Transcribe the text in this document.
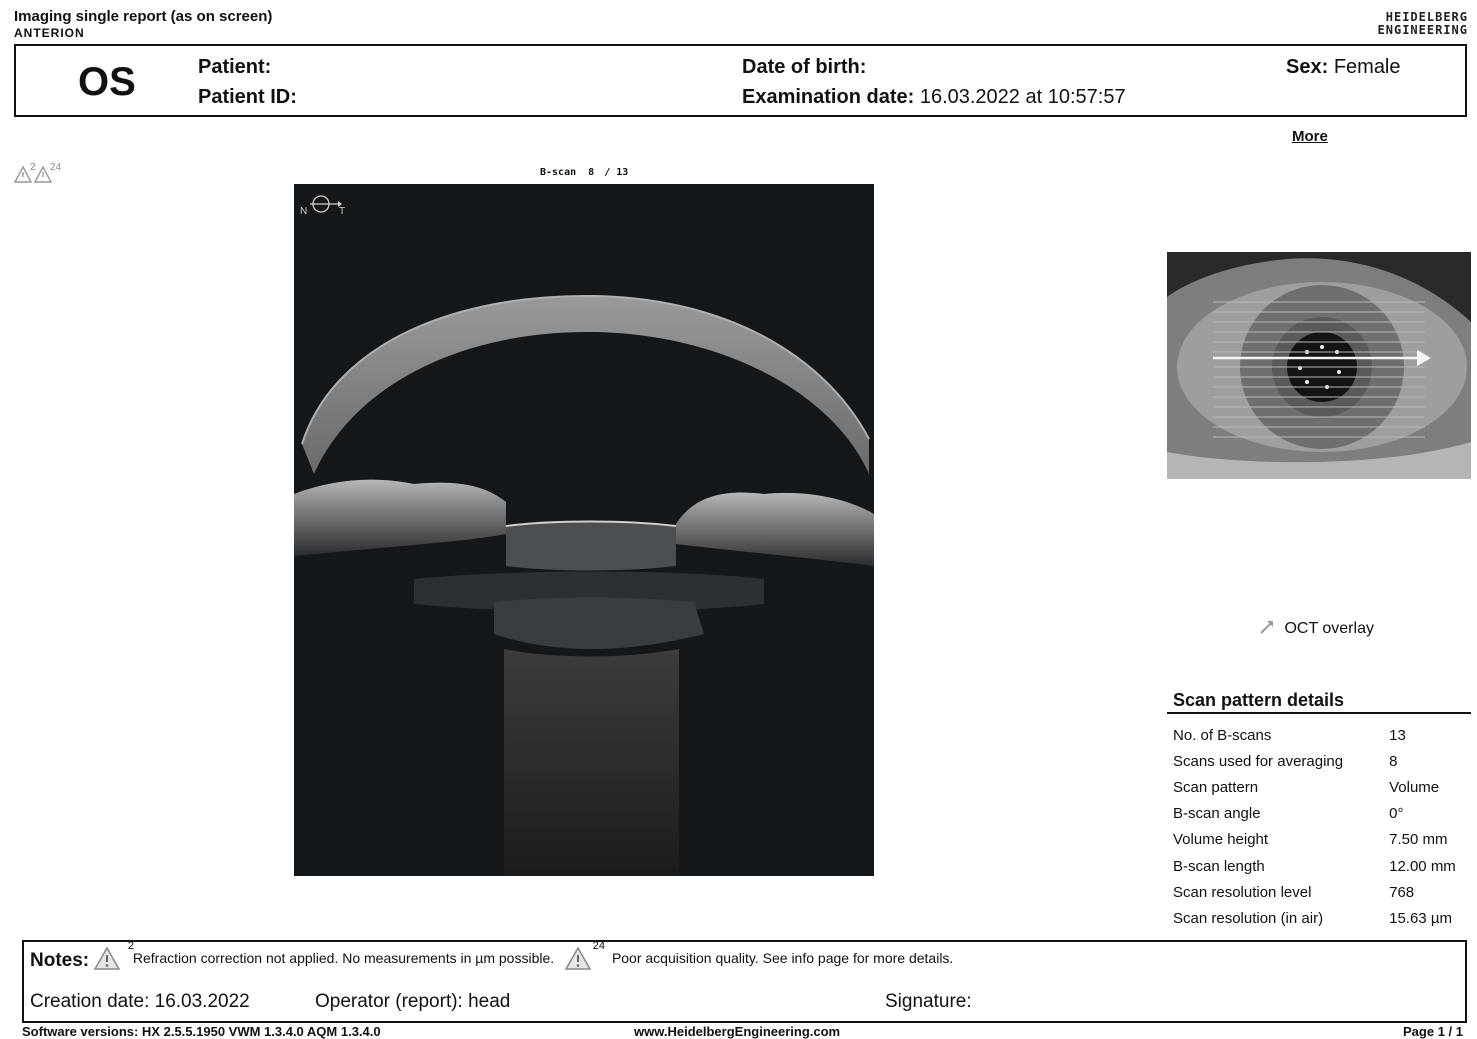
Imaging single report (as on screen)
ANTERION
HEIDELBERG
ENGINEERING
OS	Patient:
Patient ID:
Date of birth:
Examination date: 16.03.2022 at 10:57:57
Sex: Female
More
2 24	B-scan 8 / 13
N	T
OCT overlay
Scan pattern details
No. of B-scans	13
Scans used for averaging	8
Scan pattern	Volume
B-scan angle	0°
Volume height	7.50 mm
B-scan length	12.00 mm
Scan resolution level	768
Scan resolution (in air)	15.63 µm
Notes:
2
Refraction correction not applied. No measurements in µm possible.
24
Poor acquisition quality. See info page for more details.
Creation date: 16.03.2022	Operator (report): head	Signature:
Software versions: HX 2.5.5.1950 VWM 1.3.4.0 AQM 1.3.4.0	www.HeidelbergEngineering.com	Page 1 / 1
